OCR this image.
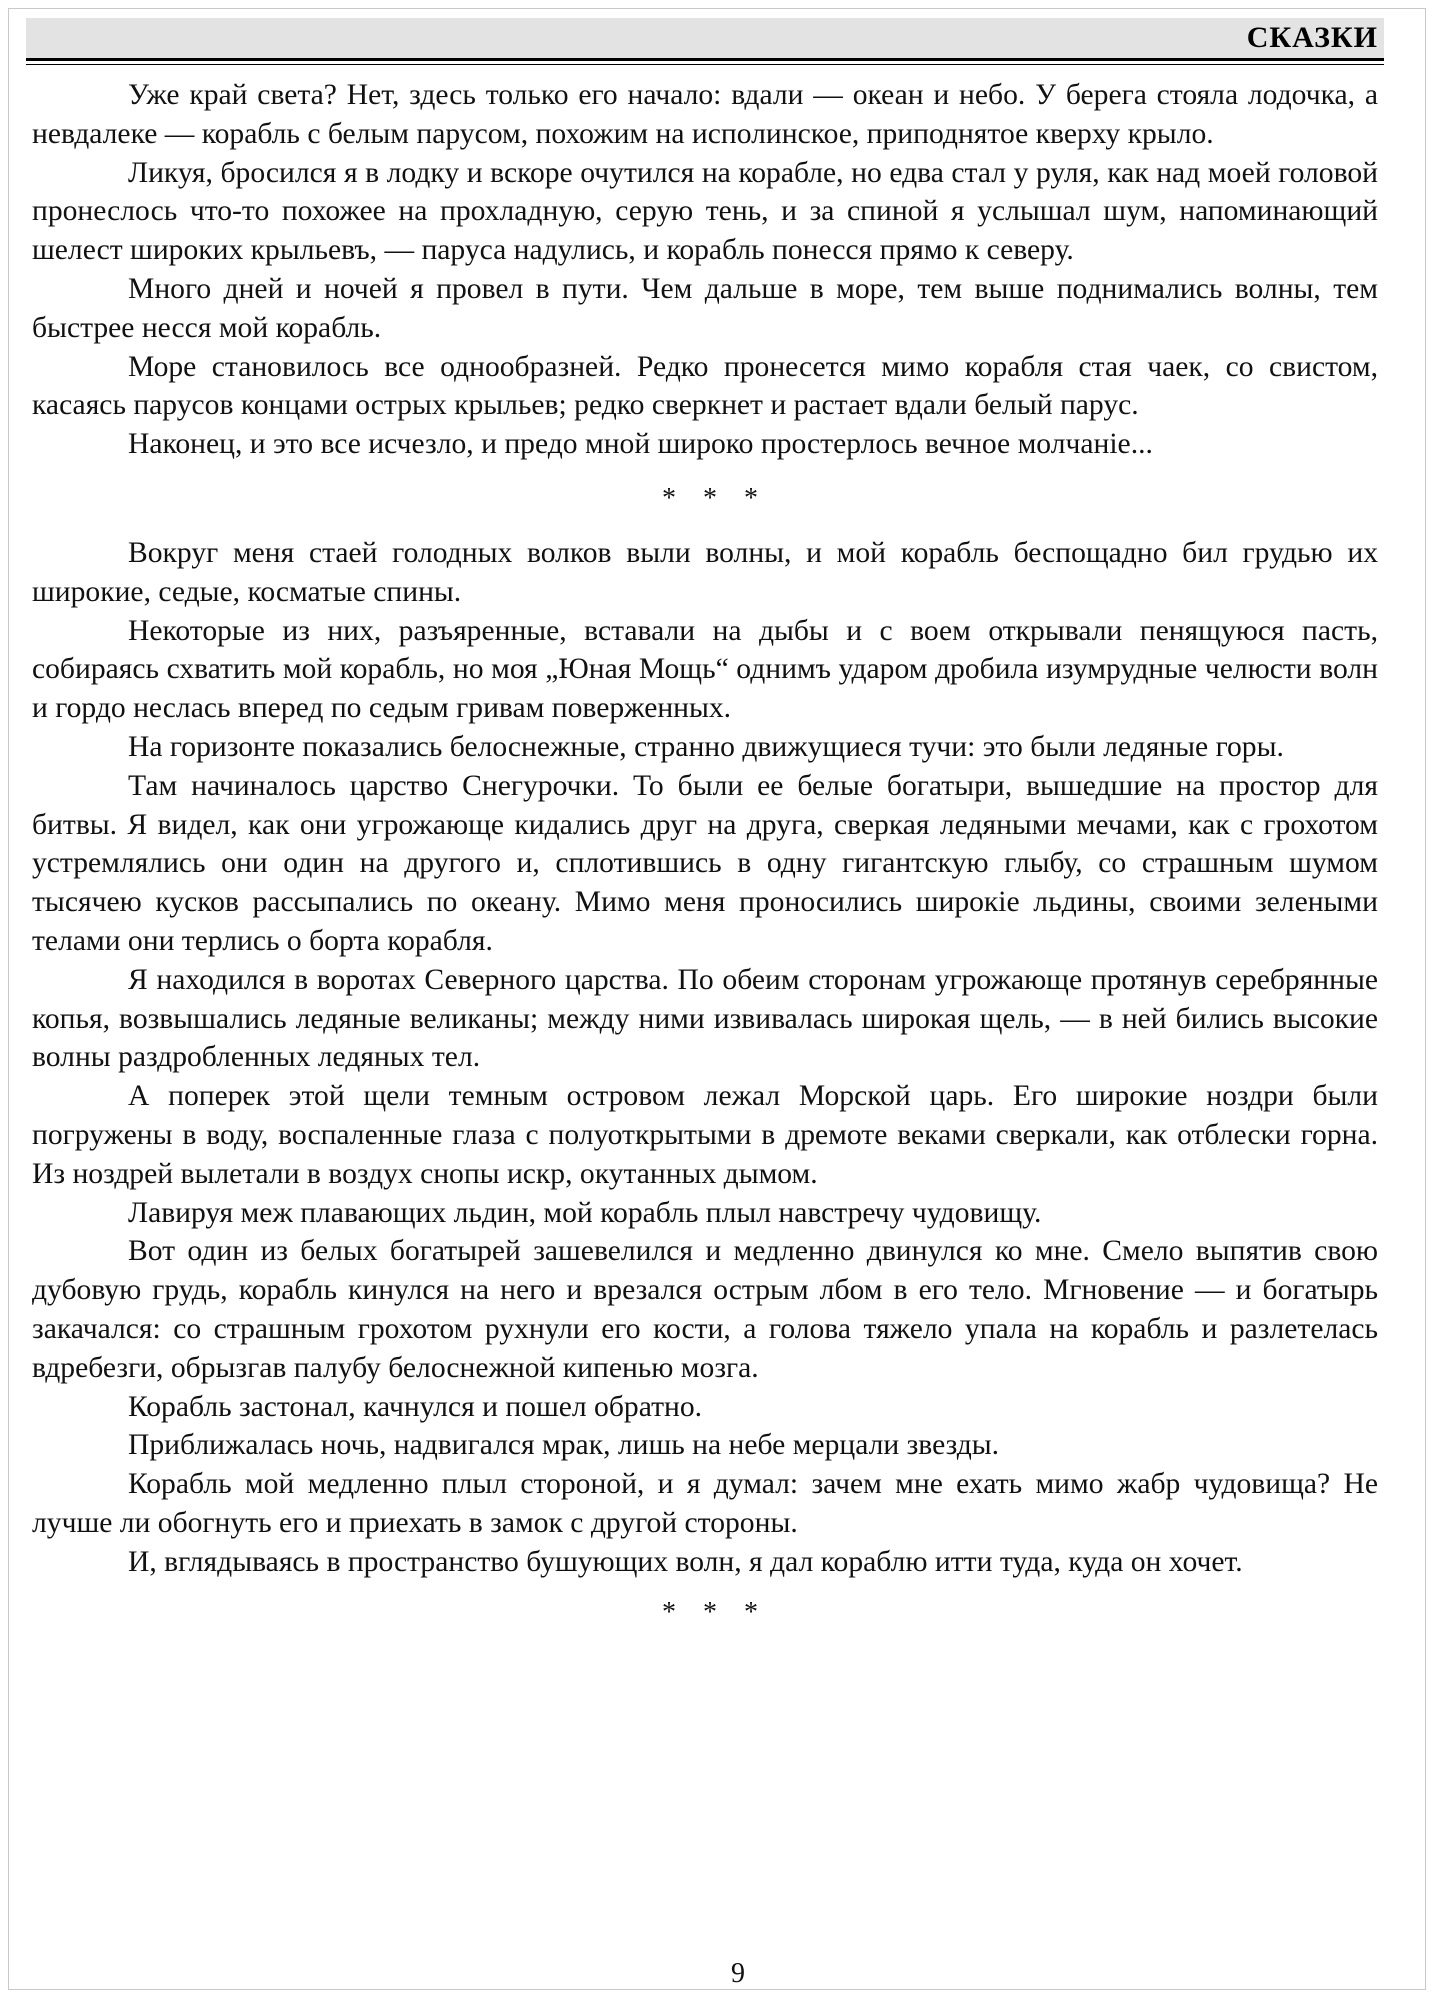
СКАЗКИ

Уже край света? Нет, здесь только его начало: вдали — океан и небо. У берега стояла лодочка, а невдалеке — корабль с белым парусом, похожим на исполинское, приподнятое кверху крыло.

Ликуя, бросился я в лодку и вскоре очутился на корабле, но едва стал у руля, как над моей головой пронеслось что-то похожее на прохладную, серую тень, и за спиной я услышал шум, напоминающий шелест широких крыльевъ, — паруса надулись, и корабль понесся прямо к северу.

Много дней и ночей я провел в пути. Чем дальше в море, тем выше поднимались волны, тем быстрее несся мой корабль.

Море становилось все однообразней. Редко пронесется мимо корабля стая чаек, со свистом, касаясь парусов концами острых крыльев; редко сверкнет и растает вдали белый парус.

Наконец, и это все исчезло, и предо мной широко простерлось вечное молчаніе...

* * *

Вокруг меня стаей голодных волков выли волны, и мой корабль беспощадно бил грудью их широкие, седые, косматые спины.

Некоторые из них, разъяренные, вставали на дыбы и с воем открывали пенящуюся пасть, собираясь схватить мой корабль, но моя „Юная Мощь“ однимъ ударом дробила изумрудные челюсти волн и гордо неслась вперед по седым гривам поверженных.

На горизонте показались белоснежные, странно движущиеся тучи: это были ледяные горы.

Там начиналось царство Снегурочки. То были ее белые богатыри, вышедшие на простор для битвы. Я видел, как они угрожающе кидались друг на друга, сверкая ледяными мечами, как с грохотом устремлялись они один на другого и, сплотившись в одну гигантскую глыбу, со страшным шумом тысячею кусков рассыпались по океану. Мимо меня проносились широкіе льдины, своими зелеными телами они терлись о борта корабля.

Я находился в воротах Северного царства. По обеим сторонам угрожающе протянув серебрянные копья, возвышались ледяные великаны; между ними извивалась широкая щель, — в ней бились высокие волны раздробленных ледяных тел.

А поперек этой щели темным островом лежал Морской царь. Его широкие ноздри были погружены в воду, воспаленные глаза с полуоткрытыми в дремоте веками сверкали, как отблески горна. Из ноздрей вылетали в воздух снопы искр, окутанных дымом.

Лавируя меж плавающих льдин, мой корабль плыл навстречу чудовищу.

Вот один из белых богатырей зашевелился и медленно двинулся ко мне. Смело выпятив свою дубовую грудь, корабль кинулся на него и врезался острым лбом в его тело. Мгновение — и богатырь закачался: со страшным грохотом рухнули его кости, а голова тяжело упала на корабль и разлетелась вдребезги, обрызгав палубу белоснежной кипенью мозга.

Корабль застонал, качнулся и пошел обратно.

Приближалась ночь, надвигался мрак, лишь на небе мерцали звезды.

Корабль мой медленно плыл стороной, и я думал: зачем мне ехать мимо жабр чудовища? Не лучше ли обогнуть его и приехать в замок с другой стороны.

И, вглядываясь в пространство бушующих волн, я дал кораблю итти туда, куда он хочет.

* * *

9
